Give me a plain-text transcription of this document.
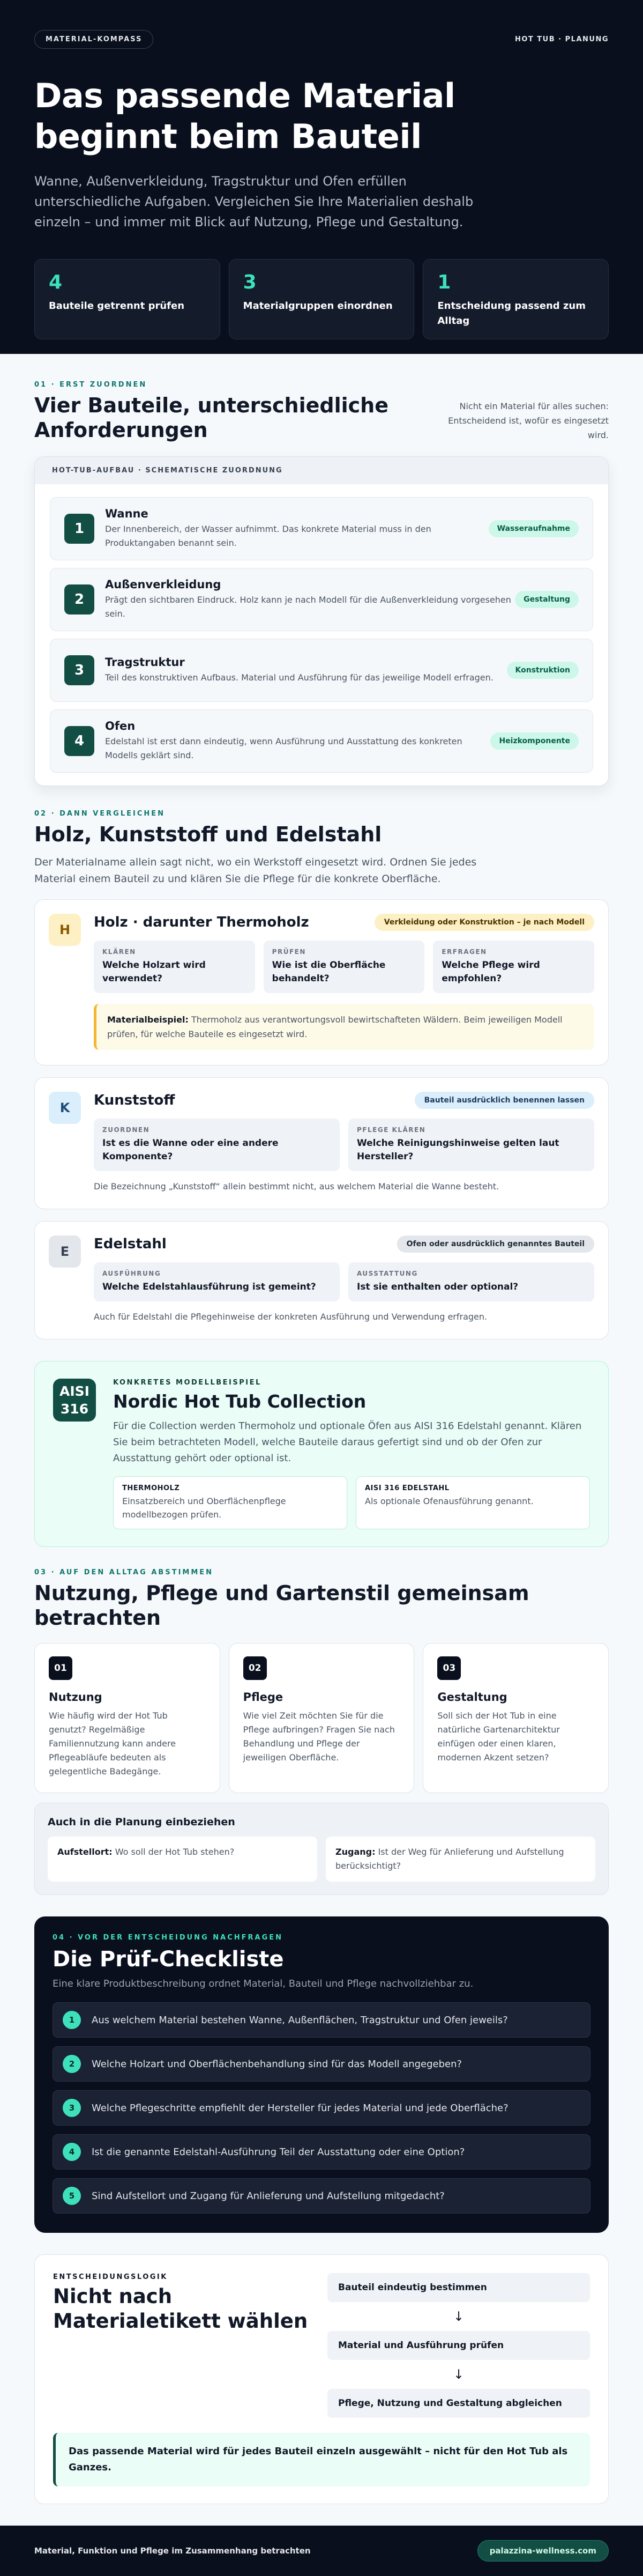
MATERIAL-KOMPASS	HOT TUB · PLANUNG
Das passende Material beginnt beim Bauteil

Wanne, Außenverkleidung, Tragstruktur und Ofen erfüllen unterschiedliche Aufgaben. Vergleichen Sie Ihre Materialien deshalb einzeln – und immer mit Blick auf Nutzung, Pflege und Gestaltung.

4
Bauteile getrennt prüfen
3
Materialgruppen einordnen
1
Entscheidung passend zum Alltag
01 · ERST ZUORDNEN
Vier Bauteile, unterschiedliche Anforderungen
Nicht ein Material für alles suchen: Entscheidend ist, wofür es eingesetzt wird.
HOT-TUB-AUFBAU · SCHEMATISCHE ZUORDNUNG
1
Wanne
Der Innenbereich, der Wasser aufnimmt. Das konkrete Material muss in den Produktangaben benannt sein.
Wasseraufnahme
2
Außenverkleidung
Prägt den sichtbaren Eindruck. Holz kann je nach Modell für die Außenverkleidung vorgesehen sein.
Gestaltung
3	Tragstruktur
Teil des konstruktiven Aufbaus. Material und Ausführung für das jeweilige Modell erfragen.
Konstruktion
4
Ofen
Edelstahl ist erst dann eindeutig, wenn Ausführung und Ausstattung des konkreten Modells geklärt sind.
Heizkomponente
02 · DANN VERGLEICHEN
Holz, Kunststoff und Edelstahl

Der Materialname allein sagt nicht, wo ein Werkstoff eingesetzt wird. Ordnen Sie jedes Material einem Bauteil zu und klären Sie die Pflege für die konkrete Oberfläche.

H	Holz · darunter Thermoholz	Verkleidung oder Konstruktion – je nach Modell
KLÄREN
Welche Holzart wird verwendet?
PRÜFEN
Wie ist die Oberfläche behandelt?
ERFRAGEN
Welche Pflege wird empfohlen?
Materialbeispiel: Thermoholz aus verantwortungsvoll bewirtschafteten Wäldern. Beim jeweiligen Modell prüfen, für welche Bauteile es eingesetzt wird.
K	Kunststoff	Bauteil ausdrücklich benennen lassen
ZUORDNEN
Ist es die Wanne oder eine andere Komponente?
PFLEGE KLÄREN
Welche Reinigungshinweise gelten laut Hersteller?

Die Bezeichnung „Kunststoff“ allein bestimmt nicht, aus welchem Material die Wanne besteht.

E	Edelstahl	Ofen oder ausdrücklich genanntes Bauteil
AUSFÜHRUNG
Welche Edelstahlausführung ist gemeint?
AUSSTATTUNG
Ist sie enthalten oder optional?

Auch für Edelstahl die Pflegehinweise der konkreten Ausführung und Verwendung erfragen.

AISI
316
KONKRETES MODELLBEISPIEL
Nordic Hot Tub Collection

Für die Collection werden Thermoholz und optionale Öfen aus AISI 316 Edelstahl genannt. Klären Sie beim betrachteten Modell, welche Bauteile daraus gefertigt sind und ob der Ofen zur Ausstattung gehört oder optional ist.

THERMOHOLZ
Einsatzbereich und Oberflächenpflege modellbezogen prüfen.
AISI 316 EDELSTAHL
Als optionale Ofenausführung genannt.
03 · AUF DEN ALLTAG ABSTIMMEN
Nutzung, Pflege und Gartenstil gemeinsam betrachten
01
Nutzung

Wie häufig wird der Hot Tub genutzt? Regelmäßige Familiennutzung kann andere Pflegeabläufe bedeuten als gelegentliche Badegänge.

02
Pflege

Wie viel Zeit möchten Sie für die Pflege aufbringen? Fragen Sie nach Behandlung und Pflege der jeweiligen Oberfläche.

03
Gestaltung

Soll sich der Hot Tub in eine natürliche Gartenarchitektur einfügen oder einen klaren, modernen Akzent setzen?

Auch in die Planung einbeziehen
Aufstellort: Wo soll der Hot Tub stehen?	Zugang: Ist der Weg für Anlieferung und Aufstellung berücksichtigt?
04 · VOR DER ENTSCHEIDUNG NACHFRAGEN
Die Prüf-Checkliste

Eine klare Produktbeschreibung ordnet Material, Bauteil und Pflege nachvollziehbar zu.

1	Aus welchem Material bestehen Wanne, Außenflächen, Tragstruktur und Ofen jeweils?
2	Welche Holzart und Oberflächenbehandlung sind für das Modell angegeben?
3	Welche Pflegeschritte empfiehlt der Hersteller für jedes Material und jede Oberfläche?
4	Ist die genannte Edelstahl-Ausführung Teil der Ausstattung oder eine Option?
5	Sind Aufstellort und Zugang für Anlieferung und Aufstellung mitgedacht?
ENTSCHEIDUNGSLOGIK
Nicht nach Materialetikett wählen
Bauteil eindeutig bestimmen
↓
Material und Ausführung prüfen
↓
Pflege, Nutzung und Gestaltung abgleichen
Das passende Material wird für jedes Bauteil einzeln ausgewählt – nicht für den Hot Tub als Ganzes.
Material, Funktion und Pflege im Zusammenhang betrachten	palazzina-wellness.com
